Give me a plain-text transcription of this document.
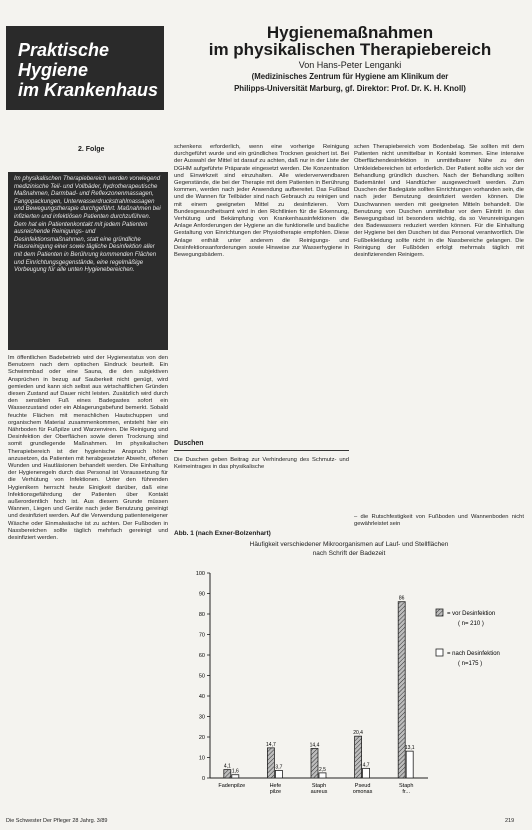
Praktische
Hygiene
im Krankenhaus
Hygienemaßnahmen
im physikalischen Therapiebereich
Von Hans-Peter Lenganki
(Medizinisches Zentrum für Hygiene am Klinikum der
Philipps-Universität Marburg, gf. Direktor: Prof. Dr. K. H. Knoll)
2. Folge
Im physikalischen Therapiebereich werden vorwiegend medizinische Teil- und Vollbäder, hydrotherapeutische Maßnahmen, Darmbad- und Reflexzonenmassagen, Fangopackungen, Unterwasserdruckstrahlmassagen und Bewegungstherapie durchgeführt. Maßnahmen bei infizierten und infektiösen Patienten durchzuführen. Dem hat ein Patientenkontakt mit jedem Patienten ausreichende Reinigungs- und Desinfektionsmaßnahmen, statt eine gründliche Hausreinigung einer sowie tägliche Desinfektion aller mit dem Patienten in Berührung kommenden Flächen und Einrichtungsgegenstände, eine regelmäßige Vorbeugung für alle unten Hygienebereichen.
Im öffentlichen Badebetrieb wird der Hygienestatus von den Benutzern nach dem optischen Eindruck beurteilt. Ein Schwimmbad oder eine Sauna, die den subjektiven Ansprüchen in bezug auf Sauberkeit nicht genügt, wird gemieden und kann sich selbst aus wirtschaftlichen Gründen diesen Zustand auf Dauer nicht leisten. Zusätzlich wird durch den sensiblen Fuß eines Badegastes sofort ein Wasserzustand oder ein Ablagerungsbefund bemerkt. Sobald feuchte Flächen mit menschlichen Hautschuppen und organischem Material zusammenkommen, entsteht hier ein Nährboden für Fußpilze und Warzenviren. Die Reinigung und Desinfektion der Oberflächen sowie deren Trocknung sind somit grundlegende Maßnahmen. Im physikalischen Therapiebereich ist der hygienische Anspruch höher anzusetzen, da Patienten mit herabgesetzter Abwehr, offenen Wunden und Hautläsionen behandelt werden. Die Einhaltung der Hygieneregeln durch das Personal ist Voraussetzung für die Verhütung von Infektionen. Unter den führenden Hygienikern herrscht heute Einigkeit darüber, daß eine Infektionsgefährdung der Patienten über Kontakt außerordentlich hoch ist. Aus diesem Grunde müssen Wannen, Liegen und Geräte nach jeder Benutzung gereinigt und desinfiziert werden. Auf die Verwendung patienteneigener Wäsche oder Einmalwäsche ist zu achten. Der Fußboden in Nassbereichen sollte täglich mehrfach gereinigt und desinfiziert werden.
schenkens erforderlich, wenn eine vorherige Reinigung durchgeführt wurde und ein gründliches Trocknen gesichert ist. Bei der Auswahl der Mittel ist darauf zu achten, daß nur in der Liste der DGHM aufgeführte Präparate eingesetzt werden. Die Konzentration und Einwirkzeit sind einzuhalten. Alle wiederverwendbaren Gegenstände, die bei der Therapie mit dem Patienten in Berührung kommen, werden nach jeder Anwendung aufbereitet. Das Fußbad und die Wannen für Teilbäder sind nach Gebrauch zu reinigen und mit einem geeigneten Mittel zu desinfizieren. Vom Bundesgesundheitsamt wird in den Richtlinien für die Erkennung, Verhütung und Bekämpfung von Krankenhausinfektionen die Anlage Anforderungen der Hygiene an die funktionelle und bauliche Gestaltung von Einrichtungen der Physiotherapie empfohlen. Diese Anlage enthält unter anderem die Reinigungs- und Desinfektionsanforderungen sowie Hinweise zur Wasserhygiene in Bewegungsbädern.
schen Therapiebereich vom Bodenbelag. Sie sollten mit dem Patienten nicht unmittelbar in Kontakt kommen. Eine intensive Oberflächendesinfektion in unmittelbarer Nähe zu den Umkleidebereichen ist erforderlich. Der Patient sollte sich vor der Behandlung gründlich duschen. Nach der Behandlung sollten Bademäntel und Handtücher ausgewechselt werden. Zum Duschen der Badegäste sollten Einrichtungen vorhanden sein, die nach jeder Benutzung desinfiziert werden können. Die Duschwannen werden mit geeigneten Mitteln behandelt. Die Benutzung von Duschen unmittelbar vor dem Eintritt in das Bewegungsbad ist besonders wichtig, da so Verunreinigungen des Badewassers reduziert werden können. Für die Einhaltung der Hygiene bei den Duschen ist das Personal verantwortlich. Die Fußbekleidung sollte nicht in die Nassbereiche gelangen. Die Reinigung der Fußböden erfolgt mehrmals täglich mit desinfizierenden Reinigern.
Duschen
Die Duschen geben Beitrag zur Verhinderung des Schmutz- und Keimeintrages in das physikalische
– die Rutschfestigkeit von Fußboden und Wannenboden nicht gewährleistet sein
Abb. 1 (nach Exner-Bolzenhart)
Häufigkeit verschiedener Mikroorganismen auf Lauf- und Stellflächen
nach Schrift der Badezeit
0
10
20
30
40
50
60
70
80
90
100
4,1
1,6
Fadenpilze
14,7
3,7
Hefe
pilze
14,4
2,5
Staph
aureus
20,4
4,7
Pseud
omonas
86
13,1
Staph
fr...
= vor Desinfektion
( n= 210 )
= nach Desinfektion
( n=175 )
Die Schwester Der Pfleger 28 Jahrg. 3/89	219
